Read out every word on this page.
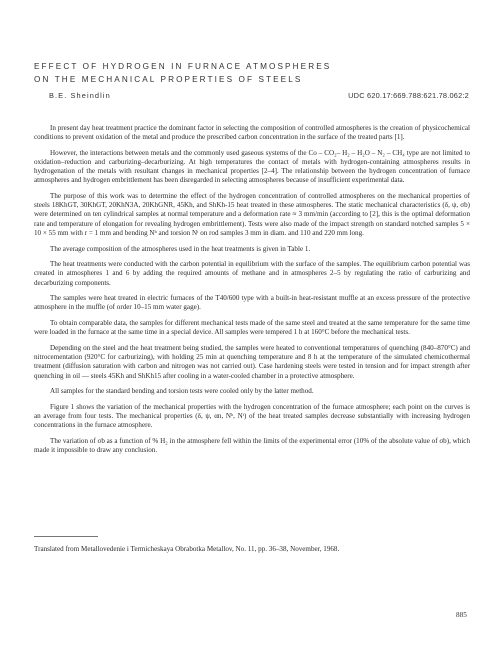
EFFECT OF HYDROGEN IN FURNACE ATMOSPHERES
ON THE MECHANICAL PROPERTIES OF STEELS
B.E. Sheindlin	UDC 620.17:669.788:621.78.062:2

In present day heat treatment practice the dominant factor in selecting the composition of controlled atmospheres is the creation of physicochemical conditions to prevent oxidation of the metal and produce the prescribed carbon concentration in the surface of the treated parts [1].

However, the interactions between metals and the commonly used gaseous systems of the Co – CO₂– H₂ – H₂O – N₂ – CH₄ type are not limited to oxidation–reduction and carburizing–decarburizing. At high temperatures the contact of metals with hydrogen-containing atmospheres results in hydrogenation of the metals with resultant changes in mechanical properties [2–4]. The relationship between the hydrogen concentration of furnace atmospheres and hydrogen embrittlement has been disregarded in selecting atmospheres because of insufficient experimental data.

The purpose of this work was to determine the effect of the hydrogen concentration of controlled atmospheres on the mechanical properties of steels 18KhGT, 30KhGT, 20KhN3A, 20KhGNR, 45Kh, and ShKh-15 heat treated in these atmospheres. The static mechanical characteristics (δ, ψ, σb) were determined on ten cylindrical samples at normal temperature and a deformation rate ≈ 3 mm/min (according to [2], this is the optimal deformation rate and temperature of elongation for revealing hydrogen embrittlement). Tests were also made of the impact strength on standard notched samples 5 × 10 × 55 mm with r = 1 mm and bending Nᵇ and torsion Nᵗ on rod samples 3 mm in diam. and 110 and 220 mm long.

The average composition of the atmospheres used in the heat treatments is given in Table 1.

The heat treatments were conducted with the carbon potential in equilibrium with the surface of the samples. The equilibrium carbon potential was created in atmospheres 1 and 6 by adding the required amounts of methane and in atmospheres 2–5 by regulating the ratio of carburizing and decarburizing components.

The samples were heat treated in electric furnaces of the T40/600 type with a built-in heat-resistant muffle at an excess pressure of the protective atmosphere in the muffle (of order 10–15 mm water gage).

To obtain comparable data, the samples for different mechanical tests made of the same steel and treated at the same temperature for the same time were loaded in the furnace at the same time in a special device. All samples were tempered 1 h at 160°C before the mechanical tests.

Depending on the steel and the heat treatment being studied, the samples were heated to conventional temperatures of quenching (840–870°C) and nitrocementation (920°C for carburizing), with holding 25 min at quenching temperature and 8 h at the temperature of the simulated chemicothermal treatment (diffusion saturation with carbon and nitrogen was not carried out). Case hardening steels were tested in tension and for impact strength after quenching in oil — steels 45Kh and ShKh15 after cooling in a water-cooled chamber in a protective atmosphere.

All samples for the standard bending and torsion tests were cooled only by the latter method.

Figure 1 shows the variation of the mechanical properties with the hydrogen concentration of the furnace atmosphere; each point on the curves is an average from four tests. The mechanical properties (δ, ψ, αn, Nᵇ, Nᵗ) of the heat treated samples decrease substantially with increasing hydrogen concentrations in the furnace atmosphere.

The variation of σb as a function of % H₂ in the atmosphere fell within the limits of the experimental error (10% of the absolute value of σb), which made it impossible to draw any conclusion.

Translated from Metallovedenie i Termicheskaya Obrabotka Metallov, No. 11, pp. 36–38, November, 1968.

885
